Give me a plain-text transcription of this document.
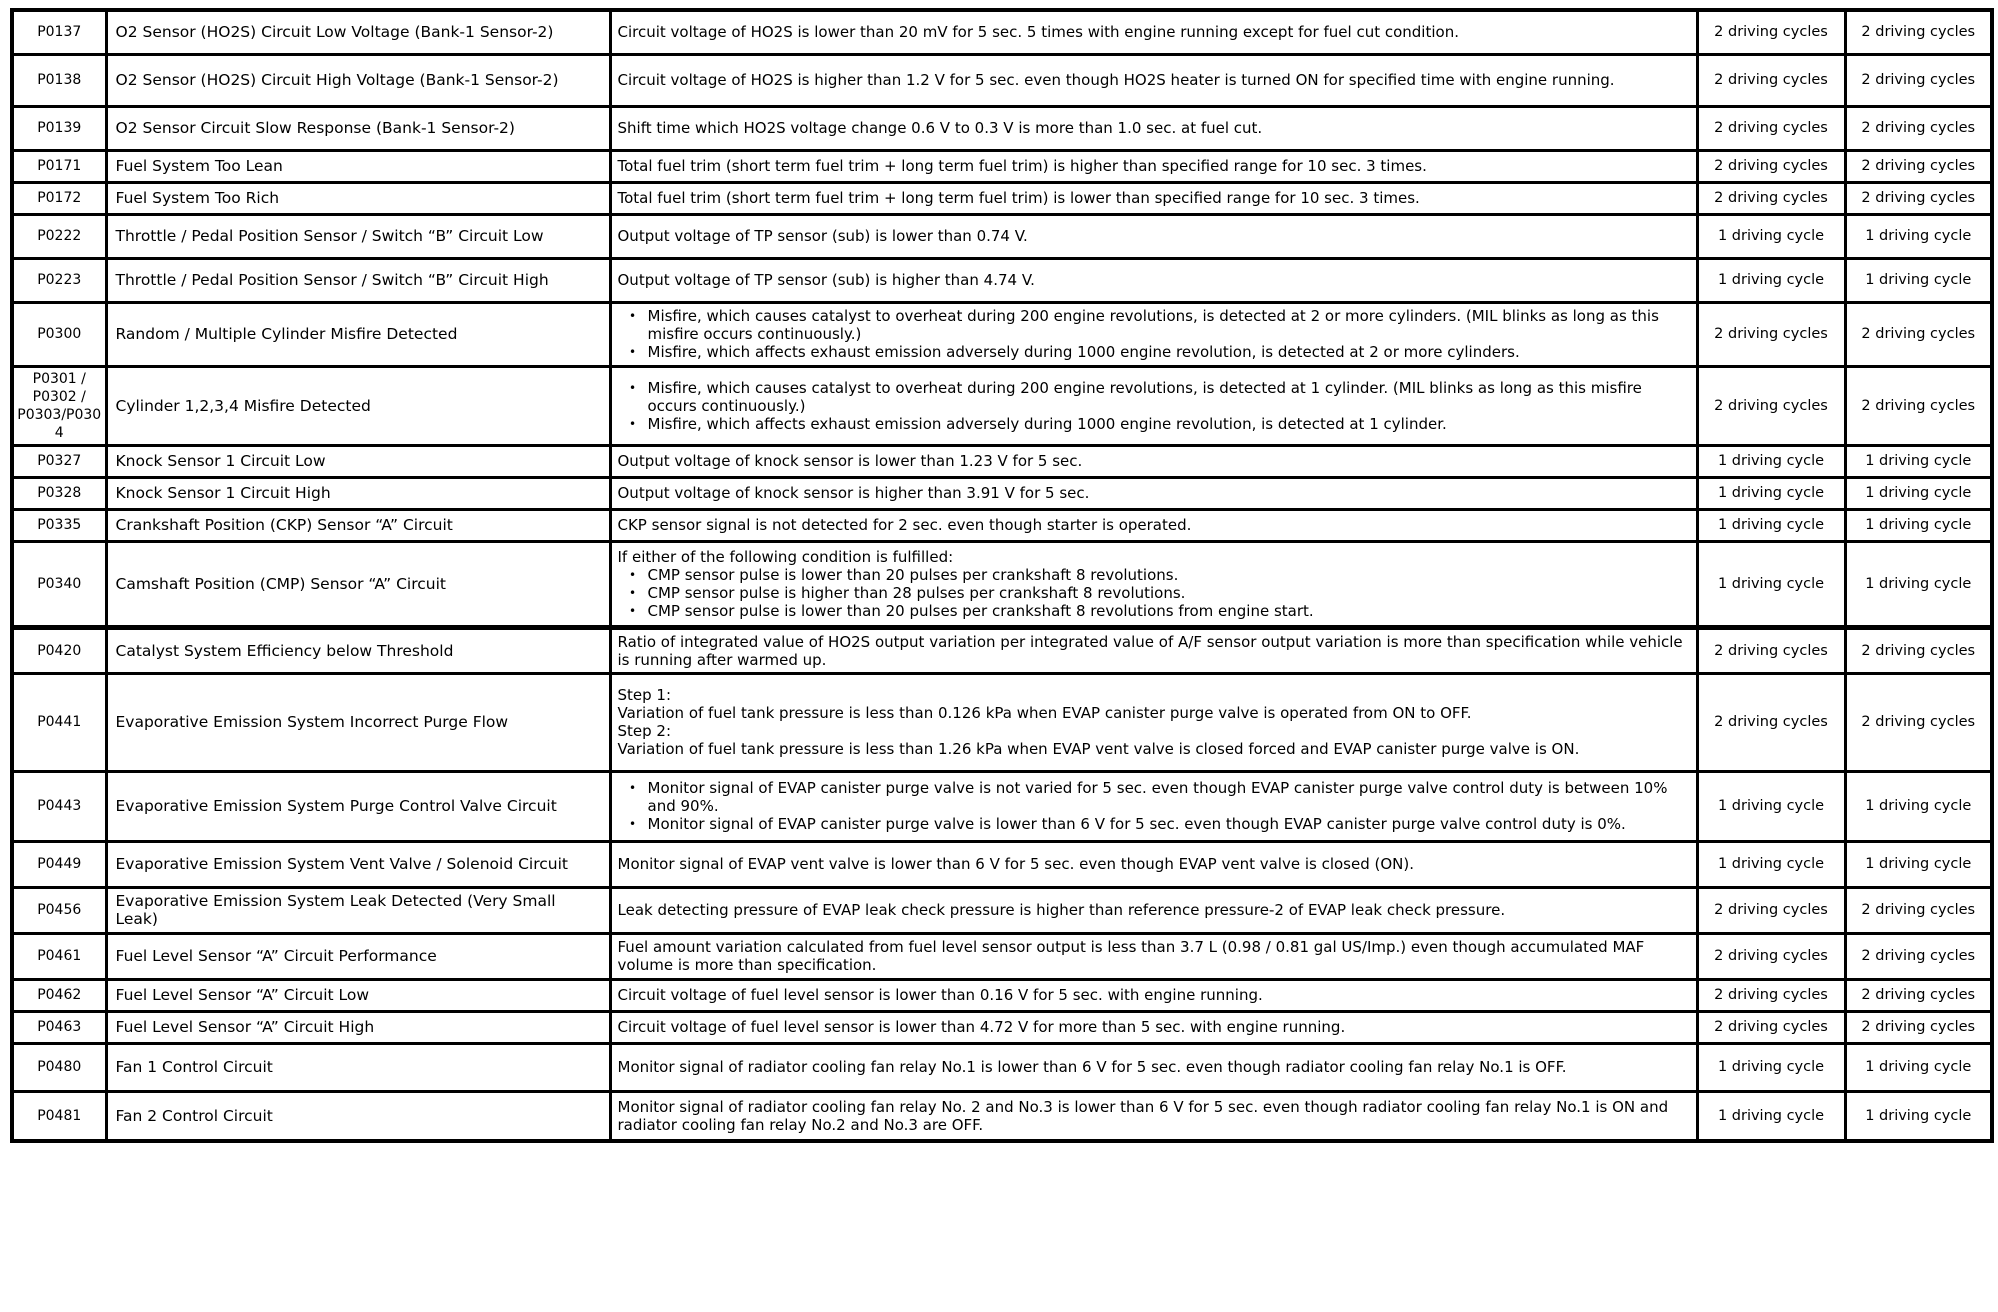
P0137	O2 Sensor (HO2S) Circuit Low Voltage (Bank-1 Sensor-2)	Circuit voltage of HO2S is lower than 20 mV for 5 sec. 5 times with engine running except for fuel cut condition.	2 driving cycles	2 driving cycles
P0138	O2 Sensor (HO2S) Circuit High Voltage (Bank-1 Sensor-2)	Circuit voltage of HO2S is higher than 1.2 V for 5 sec. even though HO2S heater is turned ON for specified time with engine running.	2 driving cycles	2 driving cycles
P0139	O2 Sensor Circuit Slow Response (Bank-1 Sensor-2)	Shift time which HO2S voltage change 0.6 V to 0.3 V is more than 1.0 sec. at fuel cut.	2 driving cycles	2 driving cycles
P0171	Fuel System Too Lean	Total fuel trim (short term fuel trim + long term fuel trim) is higher than specified range for 10 sec. 3 times.	2 driving cycles	2 driving cycles
P0172	Fuel System Too Rich	Total fuel trim (short term fuel trim + long term fuel trim) is lower than specified range for 10 sec. 3 times.	2 driving cycles	2 driving cycles
P0222	Throttle / Pedal Position Sensor / Switch “B” Circuit Low	Output voltage of TP sensor (sub) is lower than 0.74 V.	1 driving cycle	1 driving cycle
P0223	Throttle / Pedal Position Sensor / Switch “B” Circuit High	Output voltage of TP sensor (sub) is higher than 4.74 V.	1 driving cycle	1 driving cycle
P0300	Random / Multiple Cylinder Misfire Detected	• Misfire, which causes catalyst to overheat during 200 engine revolutions, is detected at 2 or more cylinders. (MIL blinks as long as this misfire occurs continuously.)
• Misfire, which affects exhaust emission adversely during 1000 engine revolution, is detected at 2 or more cylinders.	2 driving cycles	2 driving cycles
P0301 / P0302 / P0303/P0304	Cylinder 1,2,3,4 Misfire Detected	• Misfire, which causes catalyst to overheat during 200 engine revolutions, is detected at 1 cylinder. (MIL blinks as long as this misfire occurs continuously.)
• Misfire, which affects exhaust emission adversely during 1000 engine revolution, is detected at 1 cylinder.	2 driving cycles	2 driving cycles
P0327	Knock Sensor 1 Circuit Low	Output voltage of knock sensor is lower than 1.23 V for 5 sec.	1 driving cycle	1 driving cycle
P0328	Knock Sensor 1 Circuit High	Output voltage of knock sensor is higher than 3.91 V for 5 sec.	1 driving cycle	1 driving cycle
P0335	Crankshaft Position (CKP) Sensor “A” Circuit	CKP sensor signal is not detected for 2 sec. even though starter is operated.	1 driving cycle	1 driving cycle
P0340	Camshaft Position (CMP) Sensor “A” Circuit	
If either of the following condition is fulfilled:
• CMP sensor pulse is lower than 20 pulses per crankshaft 8 revolutions.
• CMP sensor pulse is higher than 28 pulses per crankshaft 8 revolutions.
• CMP sensor pulse is lower than 20 pulses per crankshaft 8 revolutions from engine start.
	1 driving cycle	1 driving cycle
P0420	Catalyst System Efficiency below Threshold	Ratio of integrated value of HO2S output variation per integrated value of A/F sensor output variation is more than specification while vehicle is running after warmed up.	2 driving cycles	2 driving cycles
P0441	Evaporative Emission System Incorrect Purge Flow	Step 1:
Variation of fuel tank pressure is less than 0.126 kPa when EVAP canister purge valve is operated from ON to OFF.
Step 2:
Variation of fuel tank pressure is less than 1.26 kPa when EVAP vent valve is closed forced and EVAP canister purge valve is ON.	2 driving cycles	2 driving cycles
P0443	Evaporative Emission System Purge Control Valve Circuit	• Monitor signal of EVAP canister purge valve is not varied for 5 sec. even though EVAP canister purge valve control duty is between 10% and 90%.
• Monitor signal of EVAP canister purge valve is lower than 6 V for 5 sec. even though EVAP canister purge valve control duty is 0%.	1 driving cycle	1 driving cycle
P0449	Evaporative Emission System Vent Valve / Solenoid Circuit	Monitor signal of EVAP vent valve is lower than 6 V for 5 sec. even though EVAP vent valve is closed (ON).	1 driving cycle	1 driving cycle
P0456	Evaporative Emission System Leak Detected (Very Small Leak)	Leak detecting pressure of EVAP leak check pressure is higher than reference pressure-2 of EVAP leak check pressure.	2 driving cycles	2 driving cycles
P0461	Fuel Level Sensor “A” Circuit Performance	Fuel amount variation calculated from fuel level sensor output is less than 3.7 L (0.98 / 0.81 gal US/Imp.) even though accumulated MAF volume is more than specification.	2 driving cycles	2 driving cycles
P0462	Fuel Level Sensor “A” Circuit Low	Circuit voltage of fuel level sensor is lower than 0.16 V for 5 sec. with engine running.	2 driving cycles	2 driving cycles
P0463	Fuel Level Sensor “A” Circuit High	Circuit voltage of fuel level sensor is lower than 4.72 V for more than 5 sec. with engine running.	2 driving cycles	2 driving cycles
P0480	Fan 1 Control Circuit	Monitor signal of radiator cooling fan relay No.1 is lower than 6 V for 5 sec. even though radiator cooling fan relay No.1 is OFF.	1 driving cycle	1 driving cycle
P0481	Fan 2 Control Circuit	Monitor signal of radiator cooling fan relay No. 2 and No.3 is lower than 6 V for 5 sec. even though radiator cooling fan relay No.1 is ON and radiator cooling fan relay No.2 and No.3 are OFF.	1 driving cycle	1 driving cycle
